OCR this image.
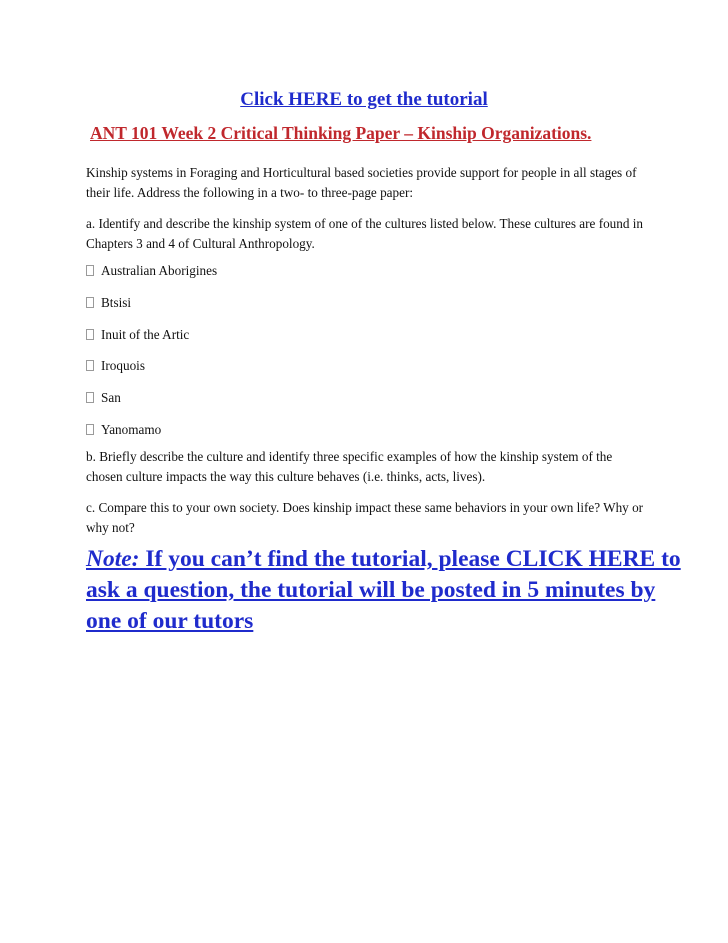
Click HERE to get the tutorial
ANT 101 Week 2 Critical Thinking Paper – Kinship Organizations.
Kinship systems in Foraging and Horticultural based societies provide support for people in all stages of their life. Address the following in a two- to three-page paper:
a. Identify and describe the kinship system of one of the cultures listed below. These cultures are found in Chapters 3 and 4 of Cultural Anthropology.
Australian Aborigines
Btsisi
Inuit of the Artic
Iroquois
San
Yanomamo
b. Briefly describe the culture and identify three specific examples of how the kinship system of the chosen culture impacts the way this culture behaves (i.e. thinks, acts, lives).
c. Compare this to your own society. Does kinship impact these same behaviors in your own life? Why or why not?
Note: If you can’t find the tutorial, please CLICK HERE to ask a question, the tutorial will be posted in 5 minutes by one of our tutors
